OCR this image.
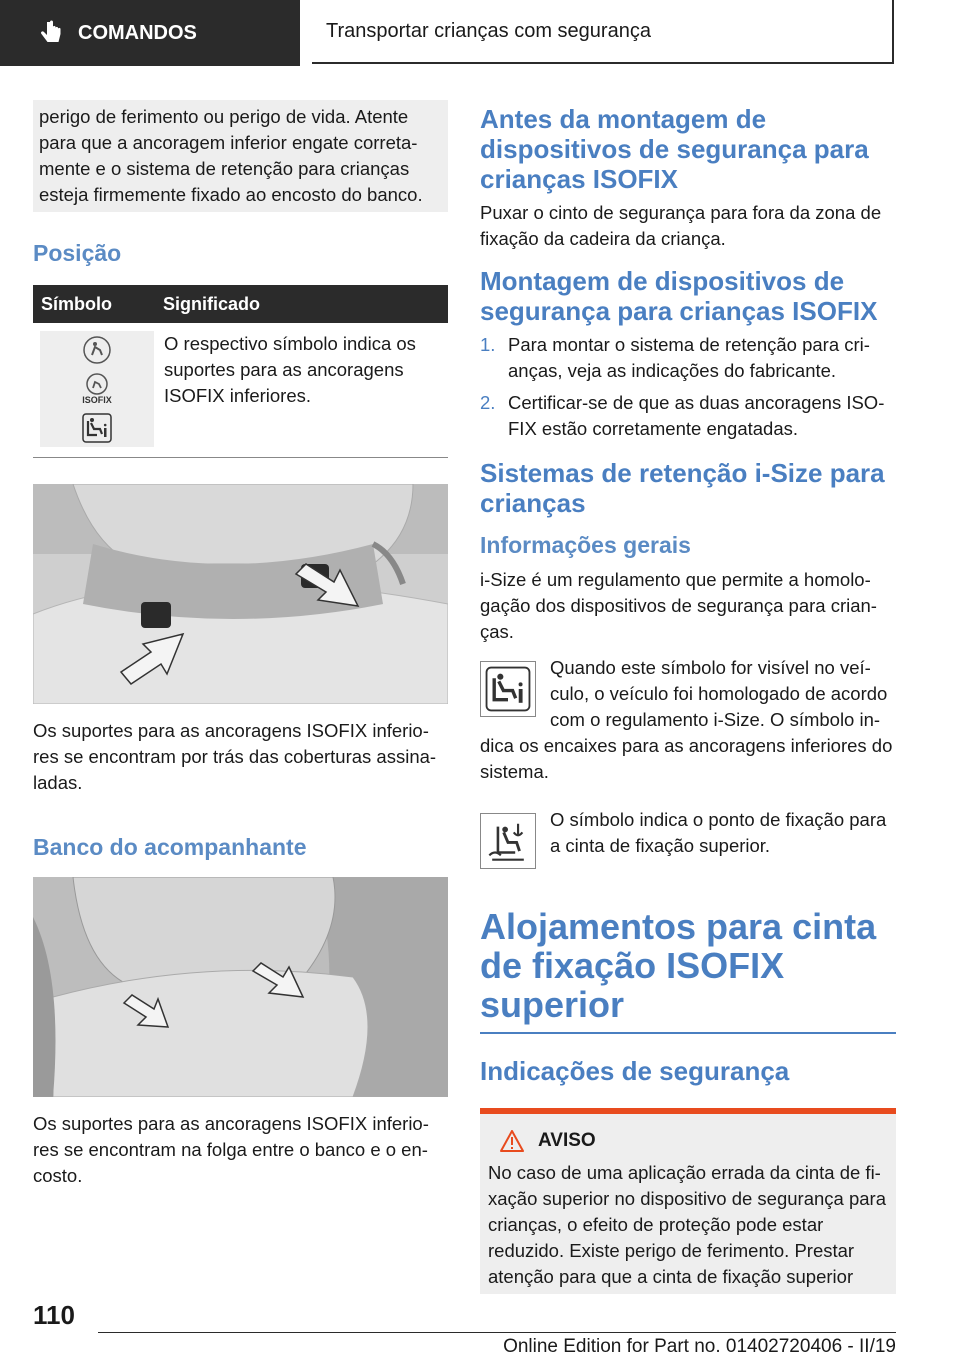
COMANDOS	Transportar crianças com segurança
perigo de ferimento ou perigo de vida. Atente para que a ancoragem inferior engate correta‐mente e o sistema de retenção para crianças esteja firmemente fixado ao encosto do banco.
Posição
Símbolo	Significado
ISOFIX
O respectivo símbolo indica os suportes para as ancoragens ISOFIX inferiores.
Os suportes para as ancoragens ISOFIX inferio‐res se encontram por trás das coberturas assina‐ladas.
Banco do acompanhante
Os suportes para as ancoragens ISOFIX inferio‐res se encontram na folga entre o banco e o en‐costo.
Antes da montagem de dispositivos de segurança para crianças ISOFIX
Puxar o cinto de segurança para fora da zona de fixação da cadeira da criança.
Montagem de dispositivos de segurança para crianças ISOFIX
1. Para montar o sistema de retenção para cri‐anças, veja as indicações do fabricante.
2. Certificar-se de que as duas ancoragens ISO‐FIX estão corretamente engatadas.
Sistemas de retenção i-Size para crianças
Informações gerais
i-Size é um regulamento que permite a homolo‐gação dos dispositivos de segurança para crian‐ças.
Quando este símbolo for visível no veí‐culo, o veículo foi homologado de acordo com o regulamento i-Size. O símbolo in‐dica os encaixes para as ancoragens inferiores do sistema.
O símbolo indica o ponto de fixação para a cinta de fixação superior.
Alojamentos para cinta de fixação ISOFIX superior
Indicações de segurança
AVISO
No caso de uma aplicação errada da cinta de fi‐xação superior no dispositivo de segurança para crianças, o efeito de proteção pode estar reduzido. Existe perigo de ferimento. Prestar atenção para que a cinta de fixação superior
110
Online Edition for Part no. 01402720406 - II/19
